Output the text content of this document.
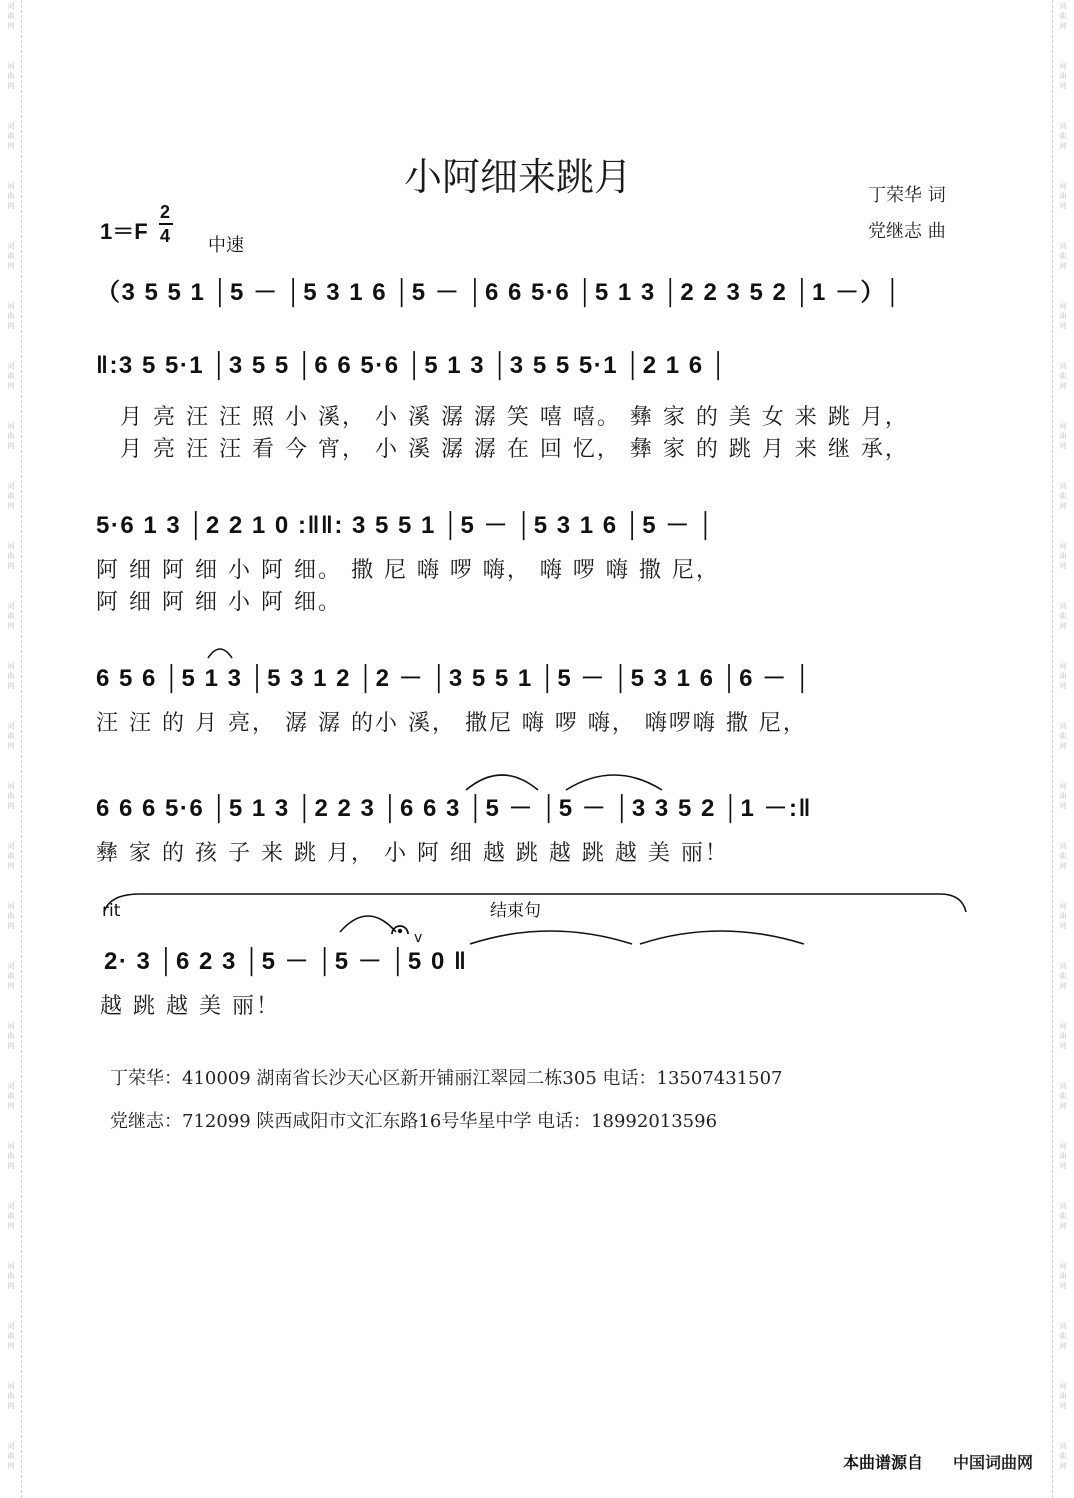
词
曲
网
词
曲
网
词
曲
网
词
曲
网
词
曲
网
词
曲
网
词
曲
网
词
曲
网
词
曲
网
词
曲
网
词
曲
网
词
曲
网
词
曲
网
词
曲
网
词
曲
网
词
曲
网
词
曲
网
词
曲
网
词
曲
网
词
曲
网
词
曲
网
词
曲
网
词
曲
网
词
曲
网
词
曲
网
词
曲
网
词
曲
网
词
曲
网
词
曲
网
词
曲
网
词
曲
网
词
曲
网
词
曲
网
词
曲
网
词
曲
网
词
曲
网
词
曲
网
词
曲
网
词
曲
网
词
曲
网
词
曲
网
词
曲
网
词
曲
网
词
曲
网
词
曲
网
词
曲
网
词
曲
网
词
曲
网
词
曲
网
词
曲
网
小阿细来跳月	丁荣华 词
党继志 曲
1＝F
2
4 中速
（3 5 5 1 │5 － │5 3 1 6 │5 － │6 6 5·6 │5 1 3 │2 2 3 5 2 │1 －）│
‖:3 5 5·1 │3 5 5 │6 6 5·6 │5 1 3 │3 5 5 5·1 │2 1 6 │
月 亮 汪 汪 照 小 溪， 小 溪 潺 潺 笑 嘻 嘻。 彝 家 的 美 女 来 跳 月，
月 亮 汪 汪 看 今 宵， 小 溪 潺 潺 在 回 忆， 彝 家 的 跳 月 来 继 承，
5·6 1 3 │2 2 1 0 :‖‖: 3 5 5 1 │5 － │5 3 1 6 │5 － │
阿 细 阿 细 小 阿 细。 撒 尼 嗨 啰 嗨， 嗨 啰 嗨 撒 尼，
阿 细 阿 细 小 阿 细。
6 5 6 │5 1 3 │5 3 1 2 │2 － │3 5 5 1 │5 － │5 3 1 6 │6 － │
汪 汪 的 月 亮， 潺 潺 的小 溪， 撒尼 嗨 啰 嗨， 嗨啰嗨 撒 尼，
6 6 6 5·6 │5 1 3 │2 2 3 │6 6 3 │5 － │5 － │3 3 5 2 │1 －:‖
彝 家 的 孩 子 来 跳 月， 小 阿 细 越 跳 越 跳 越 美 丽！
rit	结束句
v
2· 3 │6 2 3 │5 － │5 － │5 0 ‖
越 跳 越 美 丽！
丁荣华：410009 湖南省长沙天心区新开铺丽江翠园二栋305 电话：13507431507
党继志：712099 陕西咸阳市文汇东路16号华星中学 电话：18992013596
本曲谱源自 中国词曲网
